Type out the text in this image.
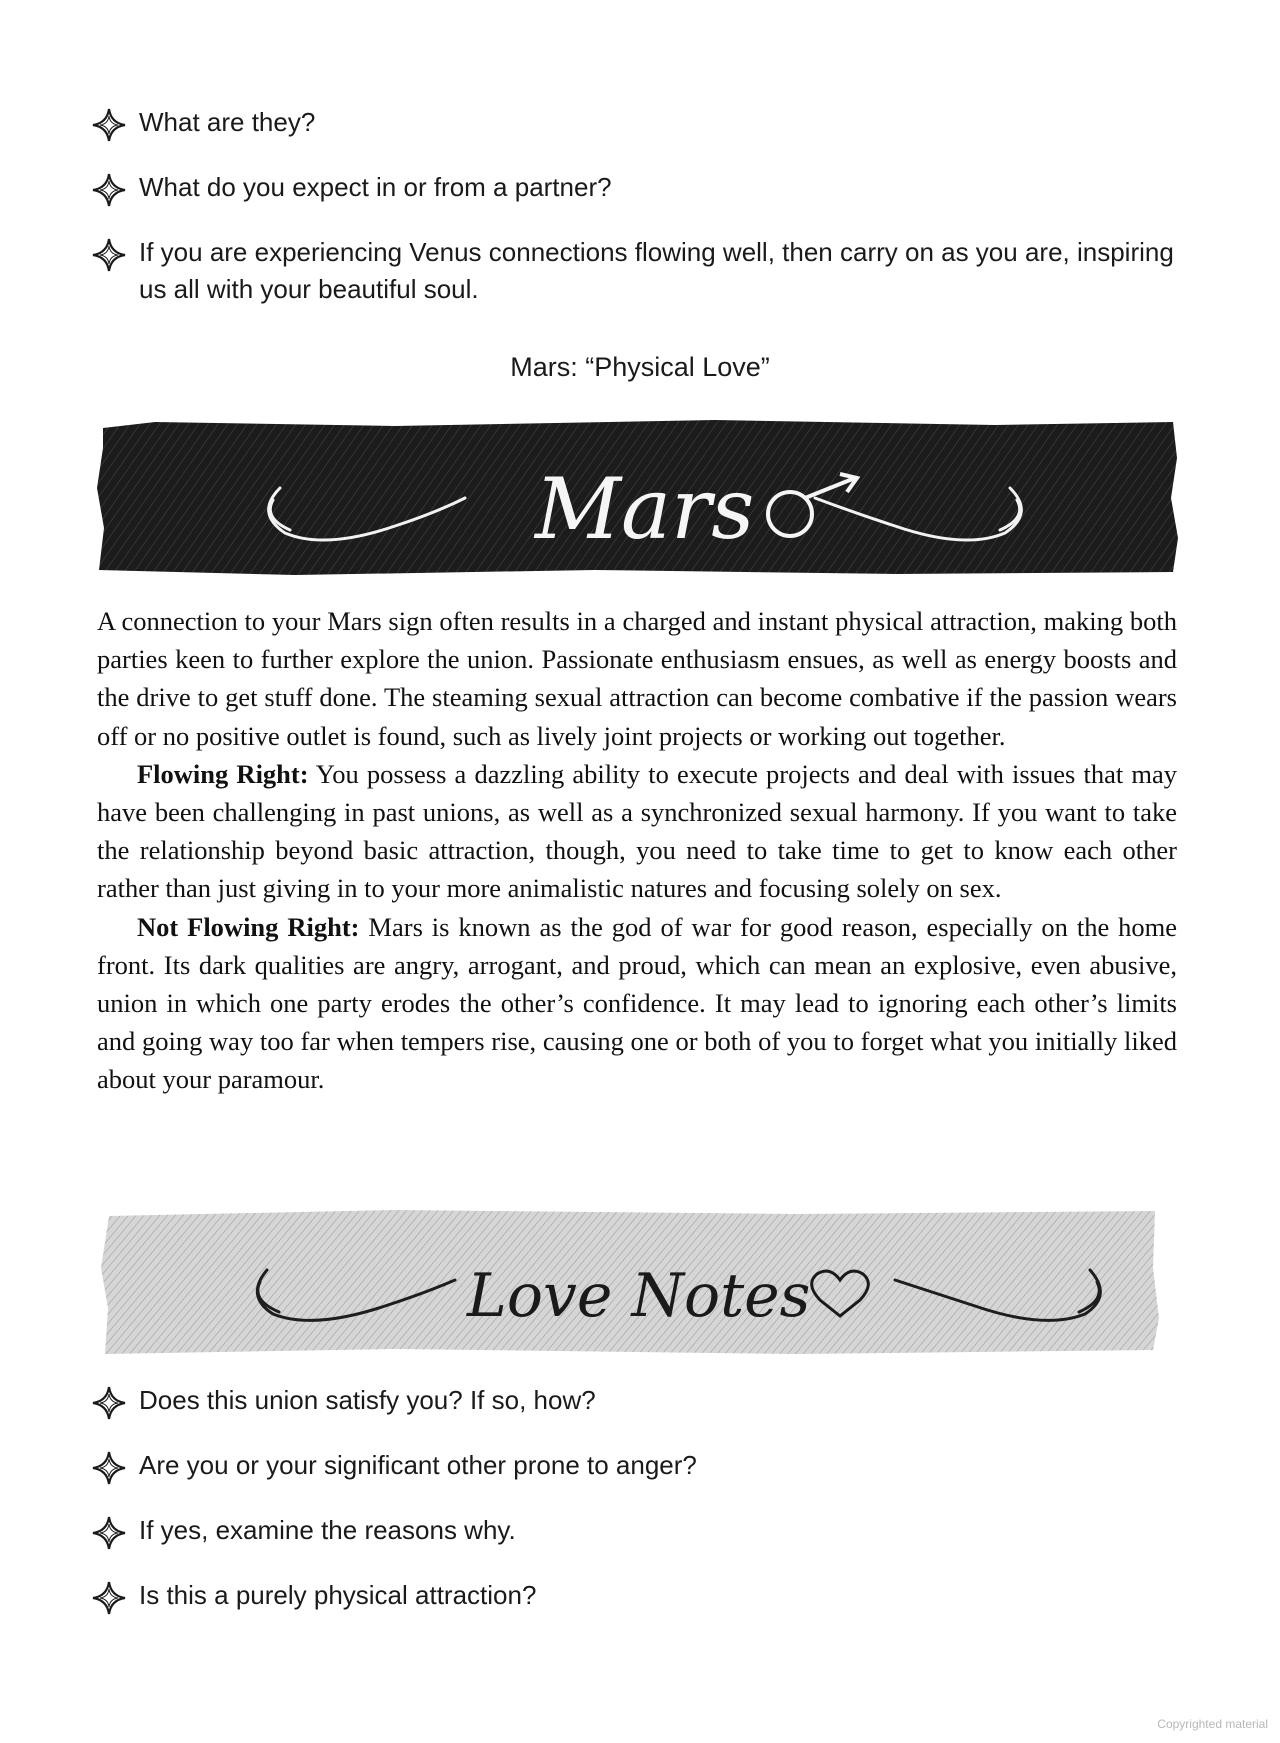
What are they?
What do you expect in or from a partner?
If you are experiencing Venus connections flowing well, then carry on as you are, inspiring us all with your beautiful soul.
Mars: “Physical Love”
Mars

A connection to your Mars sign often results in a charged and instant physical attraction, making both parties keen to further explore the union. Passionate enthusiasm ensues, as well as energy boosts and the drive to get stuff done. The steaming sexual attraction can become combative if the passion wears off or no positive outlet is found, such as lively joint projects or working out together.

Flowing Right: You possess a dazzling ability to execute projects and deal with issues that may have been challenging in past unions, as well as a synchronized sexual harmony. If you want to take the relationship beyond basic attraction, though, you need to take time to get to know each other rather than just giving in to your more animalistic natures and focusing solely on sex.

Not Flowing Right: Mars is known as the god of war for good reason, especially on the home front. Its dark qualities are angry, arrogant, and proud, which can mean an explosive, even abusive, union in which one party erodes the other’s confidence. It may lead to ignoring each other’s limits and going way too far when tempers rise, causing one or both of you to forget what you initially liked about your paramour.

Love Notes
Does this union satisfy you? If so, how?
Are you or your significant other prone to anger?
If yes, examine the reasons why.
Is this a purely physical attraction?
Copyrighted material
